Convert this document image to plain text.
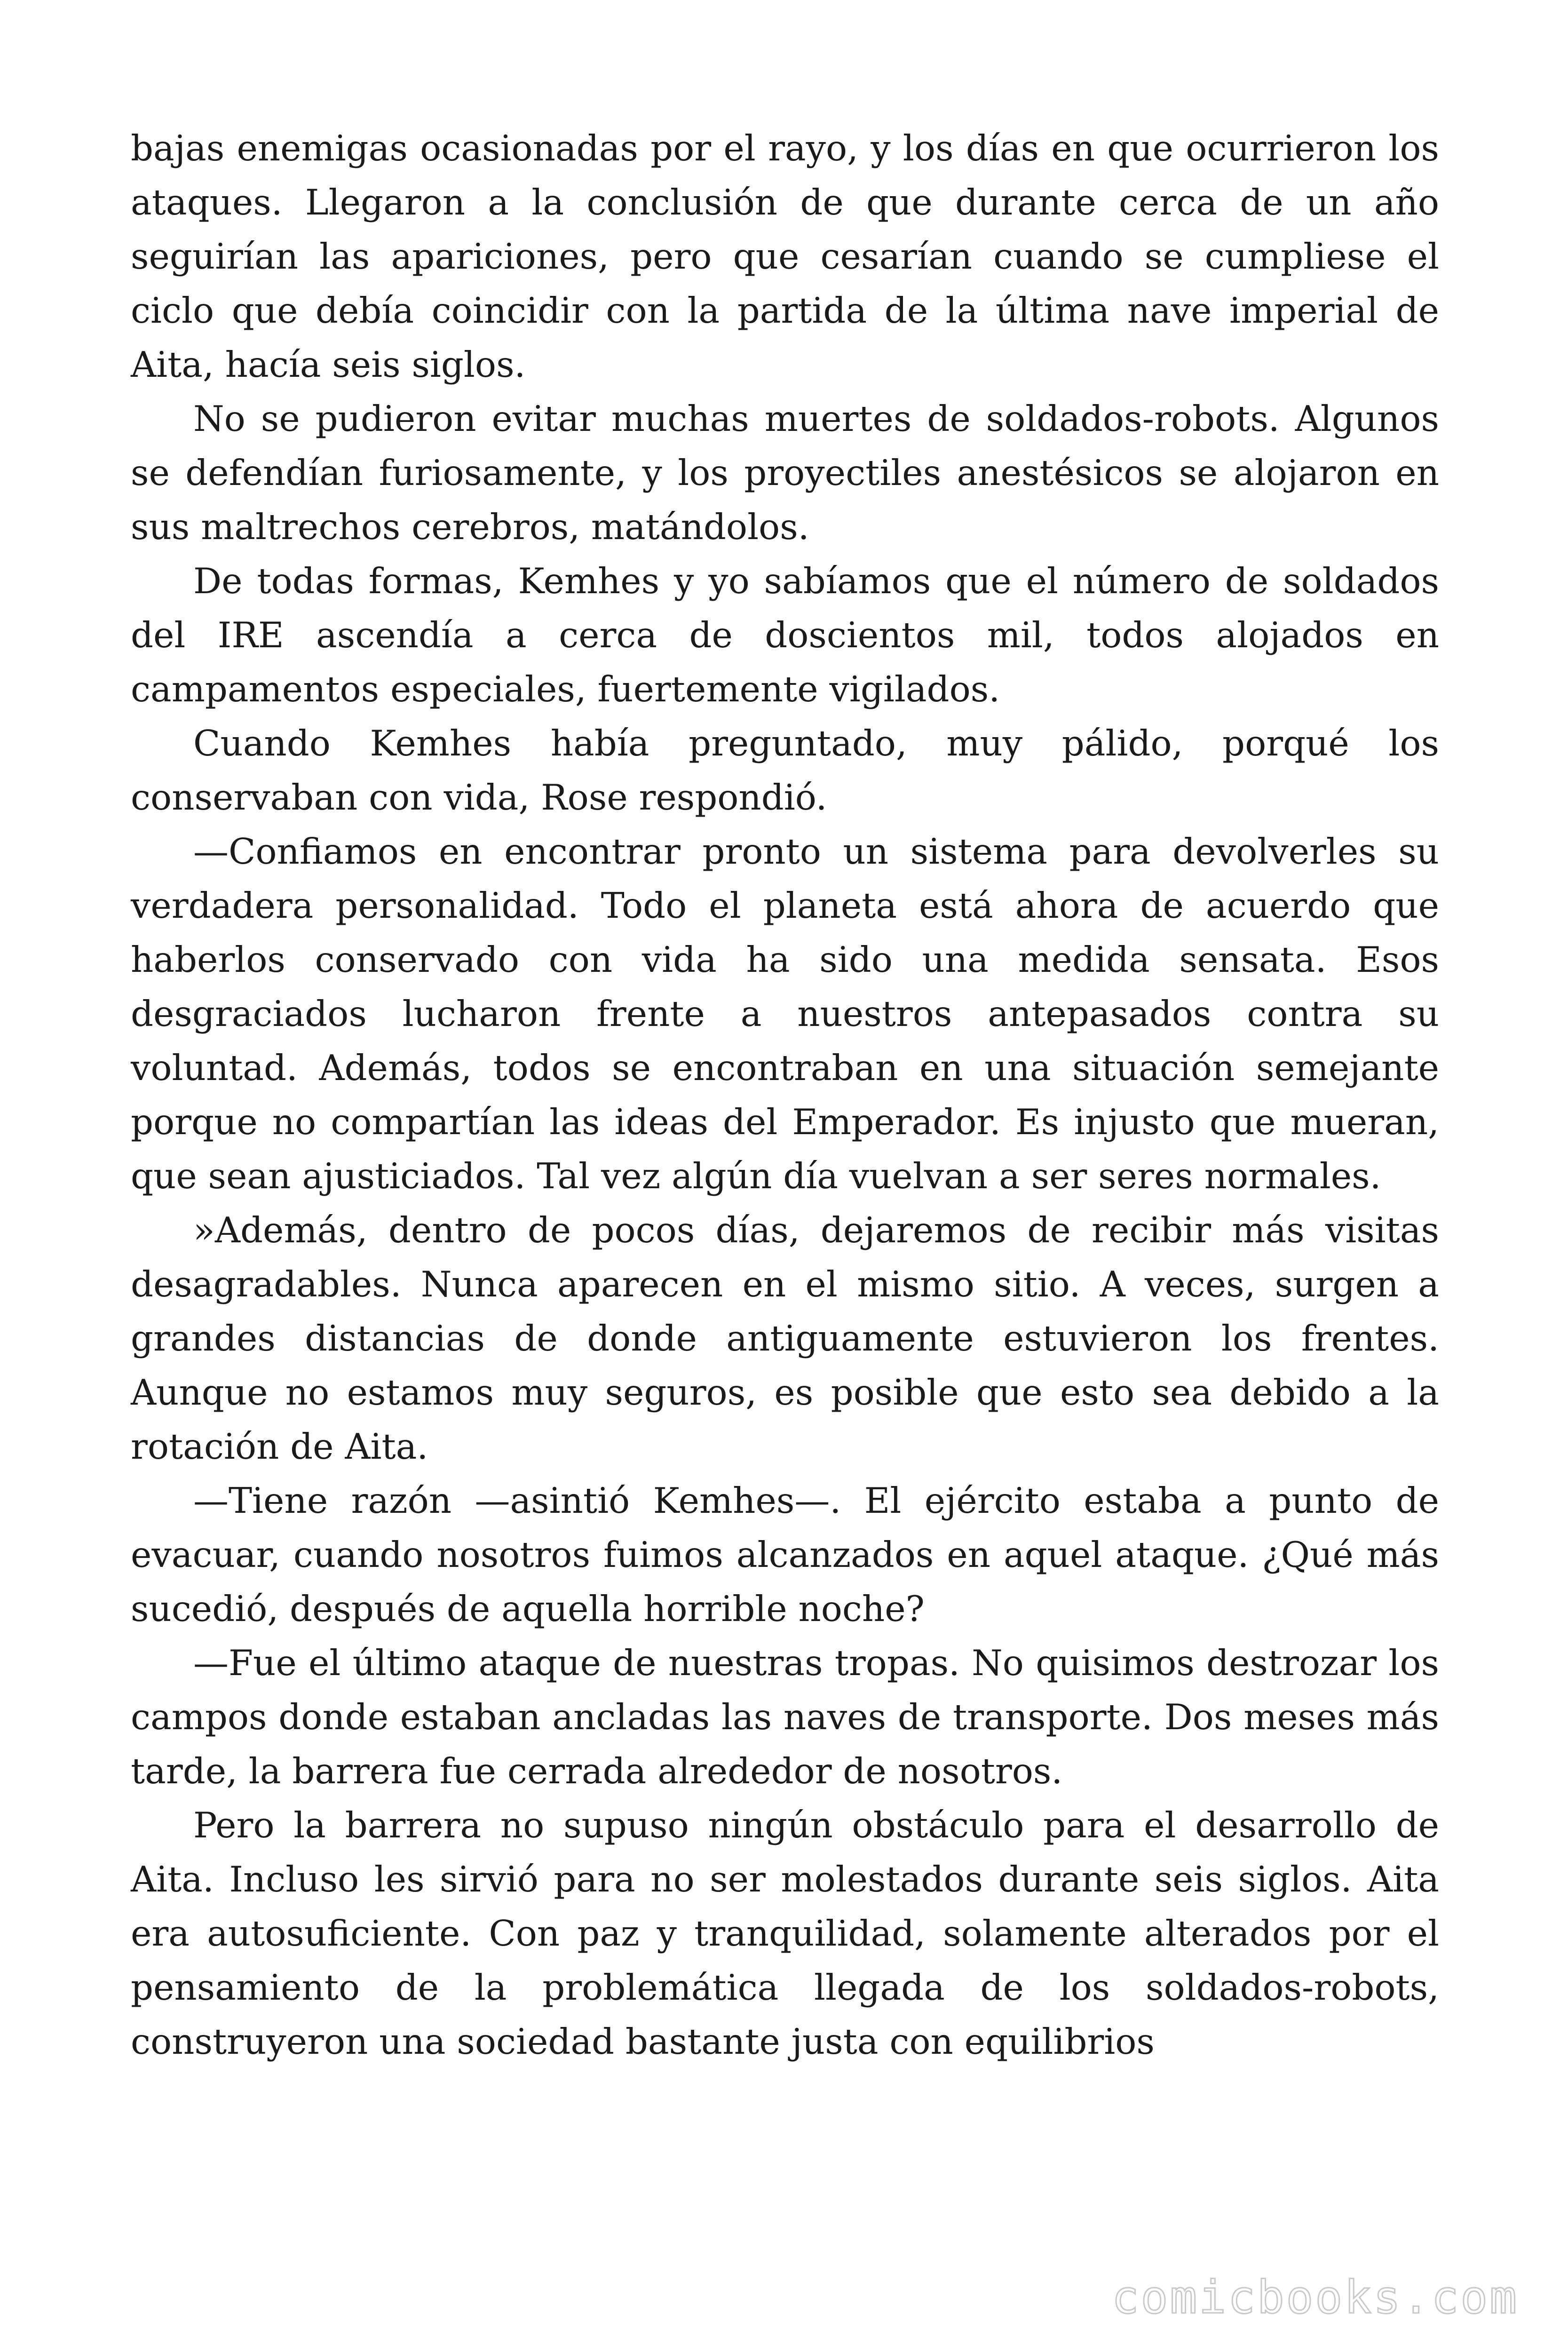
bajas enemigas ocasionadas por el rayo, y los días en que ocurrieron los ataques. Llegaron a la conclusión de que durante cerca de un año seguirían las apariciones, pero que cesarían cuando se cumpliese el ciclo que debía coincidir con la partida de la última nave imperial de Aita, hacía seis siglos.

No se pudieron evitar muchas muertes de soldados-robots. Algunos se defendían furiosamente, y los proyectiles anestésicos se alojaron en sus maltrechos cerebros, matándolos.

De todas formas, Kemhes y yo sabíamos que el número de soldados del IRE ascendía a cerca de doscientos mil, todos alojados en campamentos especiales, fuertemente vigilados.

Cuando Kemhes había preguntado, muy pálido, porqué los conservaban con vida, Rose respondió.

—Confiamos en encontrar pronto un sistema para devolverles su verdadera personalidad. Todo el planeta está ahora de acuerdo que haberlos conservado con vida ha sido una medida sensata. Esos desgraciados lucharon frente a nuestros antepasados contra su voluntad. Además, todos se encontraban en una situación semejante porque no compartían las ideas del Emperador. Es injusto que mueran, que sean ajusticiados. Tal vez algún día vuelvan a ser seres normales.

»Además, dentro de pocos días, dejaremos de recibir más visitas desagradables. Nunca aparecen en el mismo sitio. A veces, surgen a grandes distancias de donde antiguamente estuvieron los frentes. Aunque no estamos muy seguros, es posible que esto sea debido a la rotación de Aita.

—Tiene razón —asintió Kemhes—. El ejército estaba a punto de evacuar, cuando nosotros fuimos alcanzados en aquel ataque. ¿Qué más sucedió, después de aquella horrible noche?

—Fue el último ataque de nuestras tropas. No quisimos destrozar los campos donde estaban ancladas las naves de transporte. Dos meses más tarde, la barrera fue cerrada alrededor de nosotros.

Pero la barrera no supuso ningún obstáculo para el desarrollo de Aita. Incluso les sirvió para no ser molestados durante seis siglos. Aita era autosuficiente. Con paz y tranquilidad, solamente alterados por el pensamiento de la problemática llegada de los soldados-robots, construyeron una sociedad bastante justa con equilibrios

comicbooks.com
